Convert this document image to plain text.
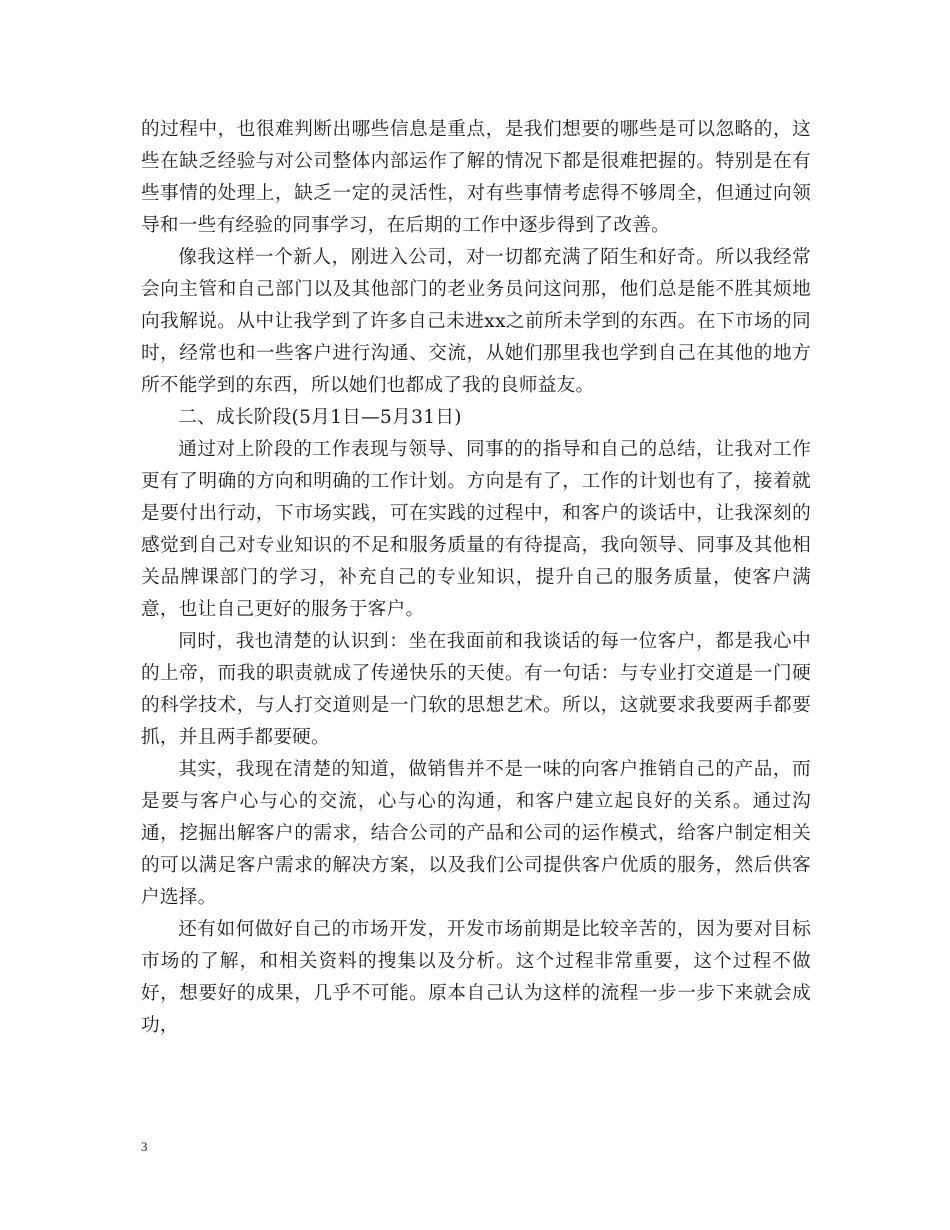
的过程中，也很难判断出哪些信息是重点，是我们想要的哪些是可以忽略的，这些在缺乏经验与对公司整体内部运作了解的情况下都是很难把握的。特别是在有些事情的处理上，缺乏一定的灵活性，对有些事情考虑得不够周全，但通过向领导和一些有经验的同事学习，在后期的工作中逐步得到了改善。

像我这样一个新人，刚进入公司，对一切都充满了陌生和好奇。所以我经常会向主管和自己部门以及其他部门的老业务员问这问那，他们总是能不胜其烦地向我解说。从中让我学到了许多自己未进xx之前所未学到的东西。在下市场的同时，经常也和一些客户进行沟通、交流，从她们那里我也学到自己在其他的地方所不能学到的东西，所以她们也都成了我的良师益友。

二、成长阶段(5月1日—5月31日)

通过对上阶段的工作表现与领导、同事的的指导和自己的总结，让我对工作更有了明确的方向和明确的工作计划。方向是有了，工作的计划也有了，接着就是要付出行动，下市场实践，可在实践的过程中，和客户的谈话中，让我深刻的感觉到自己对专业知识的不足和服务质量的有待提高，我向领导、同事及其他相关品牌课部门的学习，补充自己的专业知识，提升自己的服务质量，使客户满意，也让自己更好的服务于客户。

同时，我也清楚的认识到：坐在我面前和我谈话的每一位客户，都是我心中的上帝，而我的职责就成了传递快乐的天使。有一句话：与专业打交道是一门硬的科学技术，与人打交道则是一门软的思想艺术。所以，这就要求我要两手都要抓，并且两手都要硬。

其实，我现在清楚的知道，做销售并不是一味的向客户推销自己的产品，而是要与客户心与心的交流，心与心的沟通，和客户建立起良好的关系。通过沟通，挖掘出解客户的需求，结合公司的产品和公司的运作模式，给客户制定相关的可以满足客户需求的解决方案，以及我们公司提供客户优质的服务，然后供客户选择。

还有如何做好自己的市场开发，开发市场前期是比较辛苦的，因为要对目标市场的了解，和相关资料的搜集以及分析。这个过程非常重要，这个过程不做好，想要好的成果，几乎不可能。原本自己认为这样的流程一步一步下来就会成功，

3
